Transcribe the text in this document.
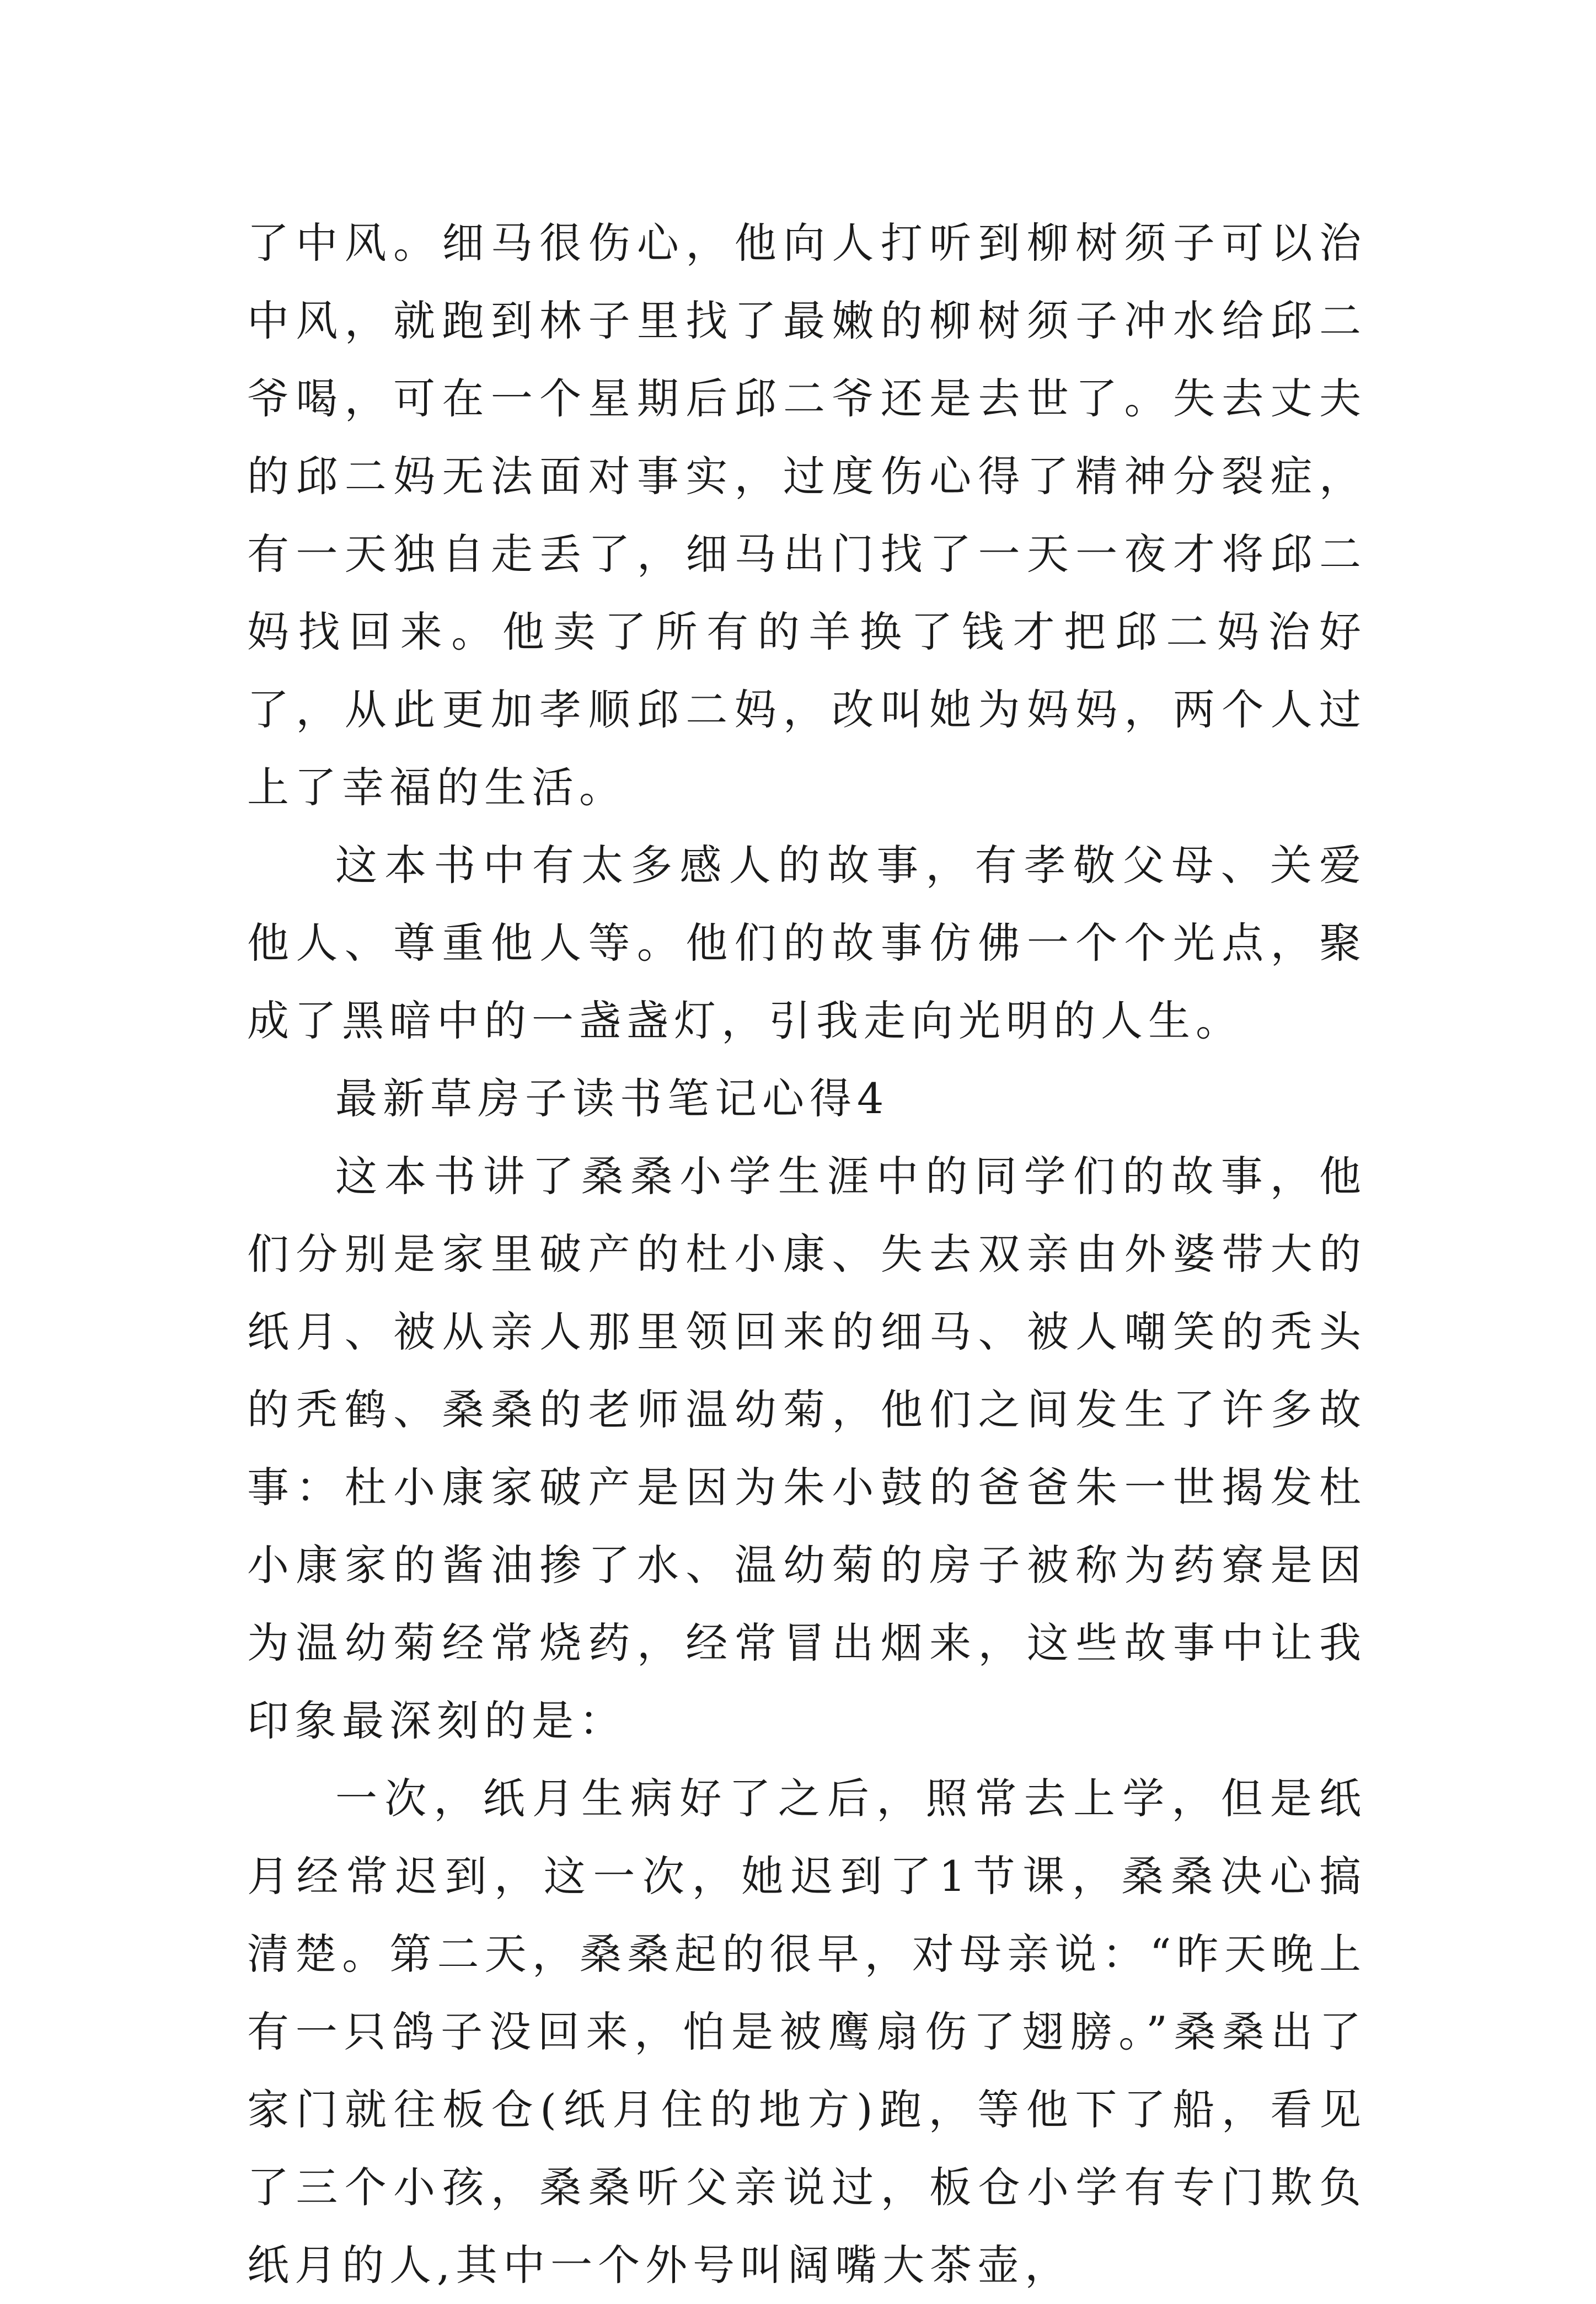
了中风。细马很伤心，他向人打听到柳树须子可以治中风，就跑到林子里找了最嫩的柳树须子冲水给邱二爷喝，可在一个星期后邱二爷还是去世了。失去丈夫的邱二妈无法面对事实，过度伤心得了精神分裂症，有一天独自走丢了，细马出门找了一天一夜才将邱二妈找回来。他卖了所有的羊换了钱才把邱二妈治好了，从此更加孝顺邱二妈，改叫她为妈妈，两个人过上了幸福的生活。

这本书中有太多感人的故事，有孝敬父母、关爱他人、尊重他人等。他们的故事仿佛一个个光点，聚成了黑暗中的一盏盏灯，引我走向光明的人生。

最新草房子读书笔记心得4

这本书讲了桑桑小学生涯中的同学们的故事，他们分别是家里破产的杜小康、失去双亲由外婆带大的纸月、被从亲人那里领回来的细马、被人嘲笑的秃头的秃鹤、桑桑的老师温幼菊，他们之间发生了许多故事：杜小康家破产是因为朱小鼓的爸爸朱一世揭发杜小康家的酱油掺了水、温幼菊的房子被称为药寮是因为温幼菊经常烧药，经常冒出烟来，这些故事中让我印象最深刻的是：

一次，纸月生病好了之后，照常去上学，但是纸月经常迟到，这一次，她迟到了1节课，桑桑决心搞清楚。第二天，桑桑起的很早，对母亲说：“昨天晚上有一只鸽子没回来，怕是被鹰扇伤了翅膀。”桑桑出了家门就往板仓(纸月住的地方)跑，等他下了船，看见了三个小孩，桑桑听父亲说过，板仓小学有专门欺负纸月的人,其中一个外号叫阔嘴大茶壶，
